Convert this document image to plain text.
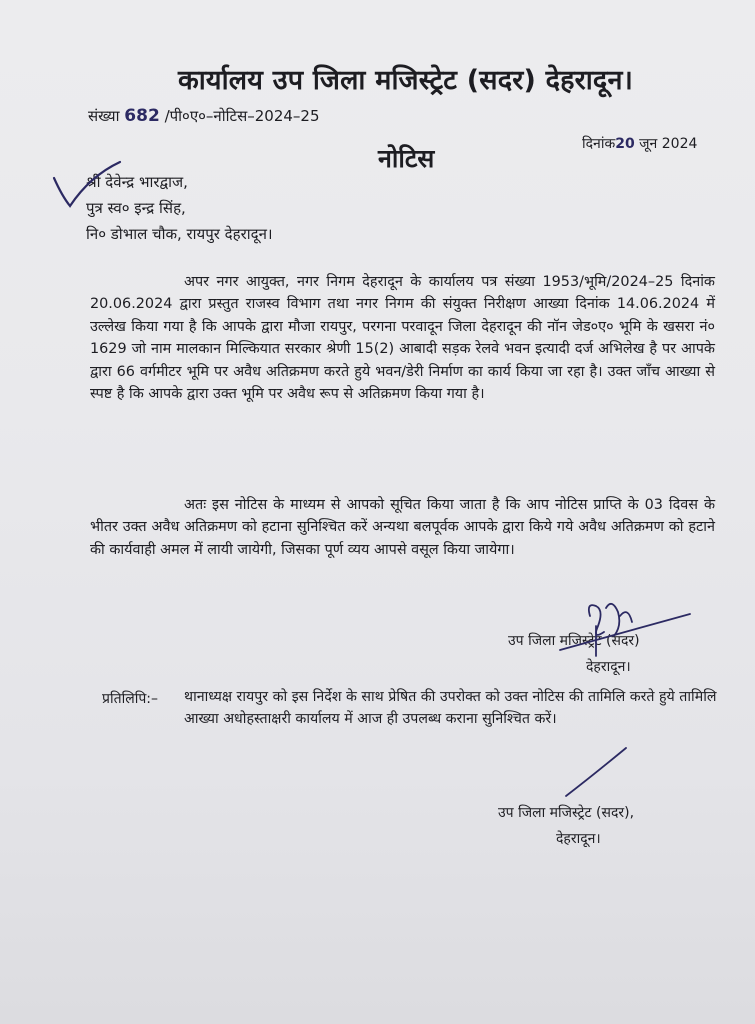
कार्यालय उप जिला मजिस्ट्रेट (सदर) देहरादून।
संख्या 682 /पी०ए०–नोटिस–2024–25
नोटिस	दिनांक20 जून 2024
श्री देवेन्द्र भारद्वाज,
पुत्र स्व० इन्द्र सिंह,
नि० डोभाल चौक, रायपुर देहरादून।
अपर नगर आयुक्त, नगर निगम देहरादून के कार्यालय पत्र संख्या 1953/भूमि/2024–25 दिनांक 20.06.2024 द्वारा प्रस्तुत राजस्व विभाग तथा नगर निगम की संयुक्त निरीक्षण आख्या दिनांक 14.06.2024 में उल्लेख किया गया है कि आपके द्वारा मौजा रायपुर, परगना परवादून जिला देहरादून की नॉन जेड०ए० भूमि के खसरा नं० 1629 जो नाम मालकान मिल्कियात सरकार श्रेणी 15(2) आबादी सड़क रेलवे भवन इत्यादी दर्ज अभिलेख है पर आपके द्वारा 66 वर्गमीटर भूमि पर अवैध अतिक्रमण करते हुये भवन/डेरी निर्माण का कार्य किया जा रहा है। उक्त जाँच आख्या से स्पष्ट है कि आपके द्वारा उक्त भूमि पर अवैध रूप से अतिक्रमण किया गया है।
अतः इस नोटिस के माध्यम से आपको सूचित किया जाता है कि आप नोटिस प्राप्ति के 03 दिवस के भीतर उक्त अवैध अतिक्रमण को हटाना सुनिश्चित करें अन्यथा बलपूर्वक आपके द्वारा किये गये अवैध अतिक्रमण को हटाने की कार्यवाही अमल में लायी जायेगी, जिसका पूर्ण व्यय आपसे वसूल किया जायेगा।
उप जिला मजिस्ट्रेट (सदर)
देहरादून।
प्रतिलिपि:– थानाध्यक्ष रायपुर को इस निर्देश के साथ प्रेषित की उपरोक्त को उक्त नोटिस की तामिलि करते हुये तामिलि आख्या अधोहस्ताक्षरी कार्यालय में आज ही उपलब्ध कराना सुनिश्चित करें।
उप जिला मजिस्ट्रेट (सदर),
देहरादून।
